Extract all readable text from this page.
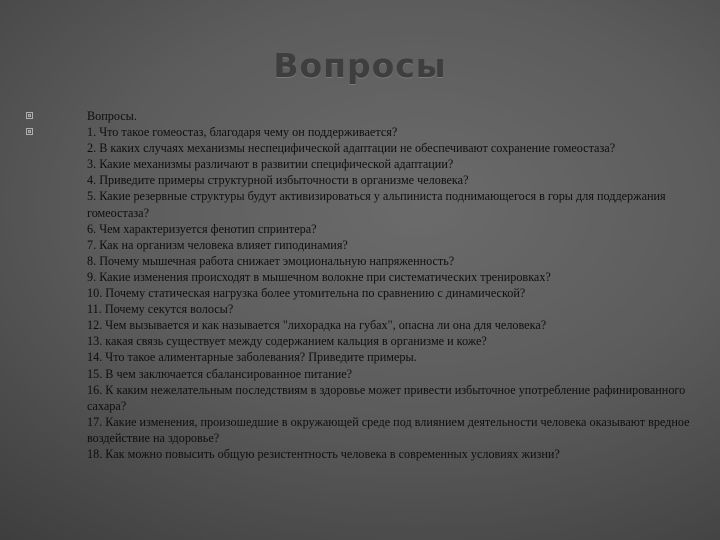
Вопросы

Вопросы.

1. Что такое гомеостаз, благодаря чему он поддерживается?

2. В каких случаях механизмы неспецифической адаптации не обеспечивают сохранение гомеостаза?

3. Какие механизмы различают в развитии специфической адаптации?

4. Приведите примеры структурной избыточности в организме человека?

5. Какие резервные структуры будут активизироваться у альпиниста поднимающегося в горы для поддержания гомеостаза?

6. Чем характеризуется фенотип спринтера?

7. Как на организм человека влияет гиподинамия?

8. Почему мышечная работа снижает эмоциональную напряженность?

9. Какие изменения происходят в мышечном волокне при систематических тренировках?

10. Почему статическая нагрузка более утомительна по сравнению с динамической?

11. Почему секутся волосы?

12. Чем вызывается и как называется "лихорадка на губах", опасна ли она для человека?

13. какая связь существует между содержанием кальция в организме и коже?

14. Что такое алиментарные заболевания? Приведите примеры.

15. В чем заключается сбалансированное питание?

16. К каким нежелательным последствиям в здоровье может привести избыточное употребление рафинированного сахара?

17. Какие изменения, произошедшие в окружающей среде под влиянием деятельности человека оказывают вредное воздействие на здоровье?

18. Как можно повысить общую резистентность человека в современных условиях жизни?
